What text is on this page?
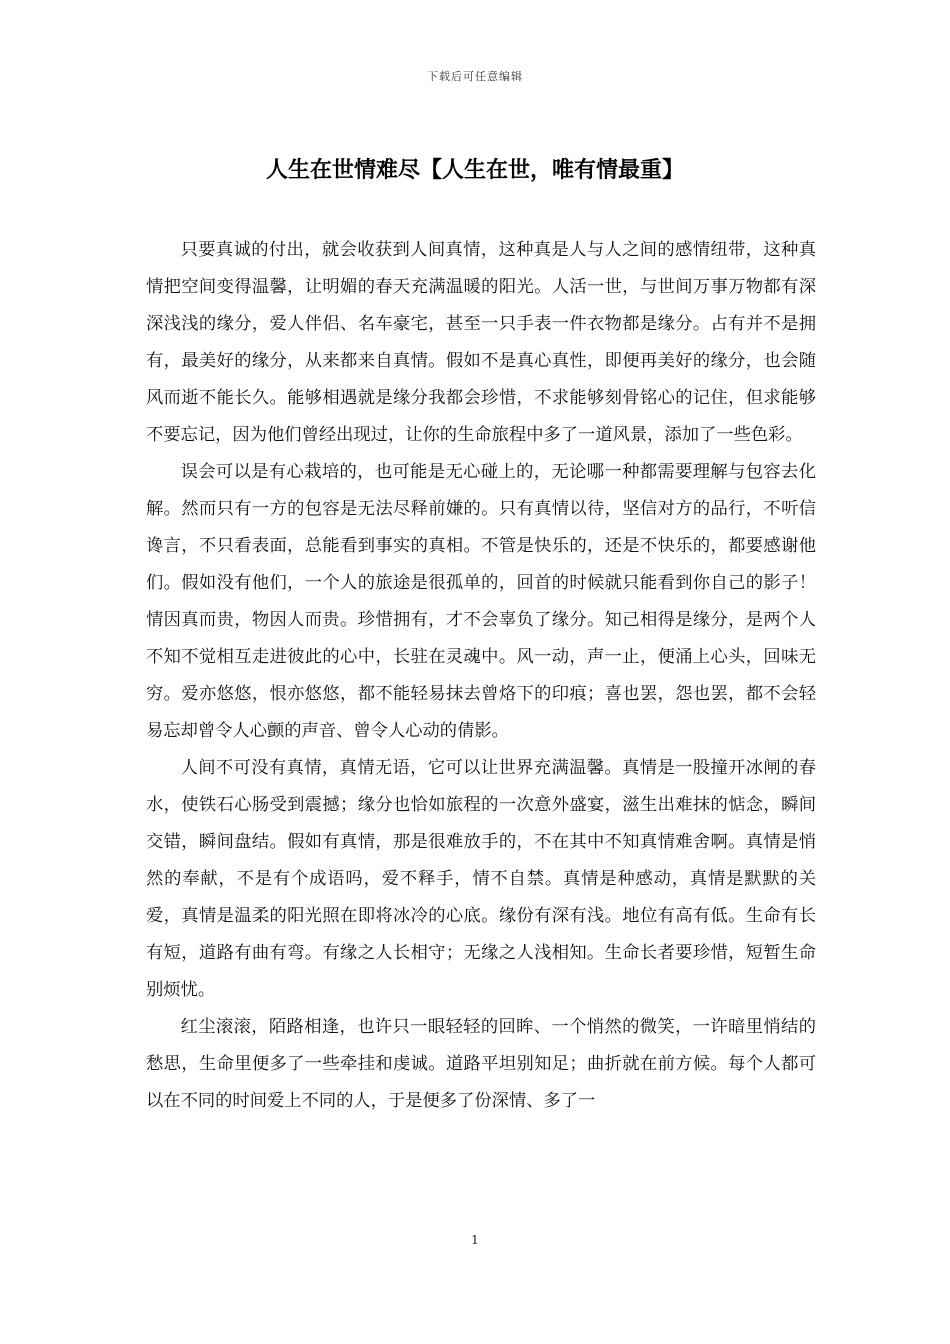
下载后可任意编辑
人生在世情难尽【人生在世，唯有情最重】

只要真诚的付出，就会收获到人间真情，这种真是人与人之间的感情纽带，这种真情把空间变得温馨，让明媚的春天充满温暖的阳光。人活一世，与世间万事万物都有深深浅浅的缘分，爱人伴侣、名车豪宅，甚至一只手表一件衣物都是缘分。占有并不是拥有，最美好的缘分，从来都来自真情。假如不是真心真性，即便再美好的缘分，也会随风而逝不能长久。能够相遇就是缘分我都会珍惜，不求能够刻骨铭心的记住，但求能够不要忘记，因为他们曾经出现过，让你的生命旅程中多了一道风景，添加了一些色彩。

误会可以是有心栽培的，也可能是无心碰上的，无论哪一种都需要理解与包容去化解。然而只有一方的包容是无法尽释前嫌的。只有真情以待，坚信对方的品行，不听信谗言，不只看表面，总能看到事实的真相。不管是快乐的，还是不快乐的，都要感谢他们。假如没有他们，一个人的旅途是很孤单的，回首的时候就只能看到你自己的影子！情因真而贵，物因人而贵。珍惜拥有，才不会辜负了缘分。知己相得是缘分，是两个人不知不觉相互走进彼此的心中，长驻在灵魂中。风一动，声一止，便涌上心头，回味无穷。爱亦悠悠，恨亦悠悠，都不能轻易抹去曾烙下的印痕；喜也罢，怨也罢，都不会轻易忘却曾令人心颤的声音、曾令人心动的倩影。

人间不可没有真情，真情无语，它可以让世界充满温馨。真情是一股撞开冰闸的春水，使铁石心肠受到震撼；缘分也恰如旅程的一次意外盛宴，滋生出难抹的惦念，瞬间交错，瞬间盘结。假如有真情，那是很难放手的，不在其中不知真情难舍啊。真情是悄然的奉献，不是有个成语吗，爱不释手，情不自禁。真情是种感动，真情是默默的关爱，真情是温柔的阳光照在即将冰冷的心底。缘份有深有浅。地位有高有低。生命有长有短，道路有曲有弯。有缘之人长相守；无缘之人浅相知。生命长者要珍惜，短暂生命别烦忧。

红尘滚滚，陌路相逢，也许只一眼轻轻的回眸、一个悄然的微笑，一许暗里悄结的愁思，生命里便多了一些牵挂和虔诚。道路平坦别知足；曲折就在前方候。每个人都可以在不同的时间爱上不同的人，于是便多了份深情、多了一

1
